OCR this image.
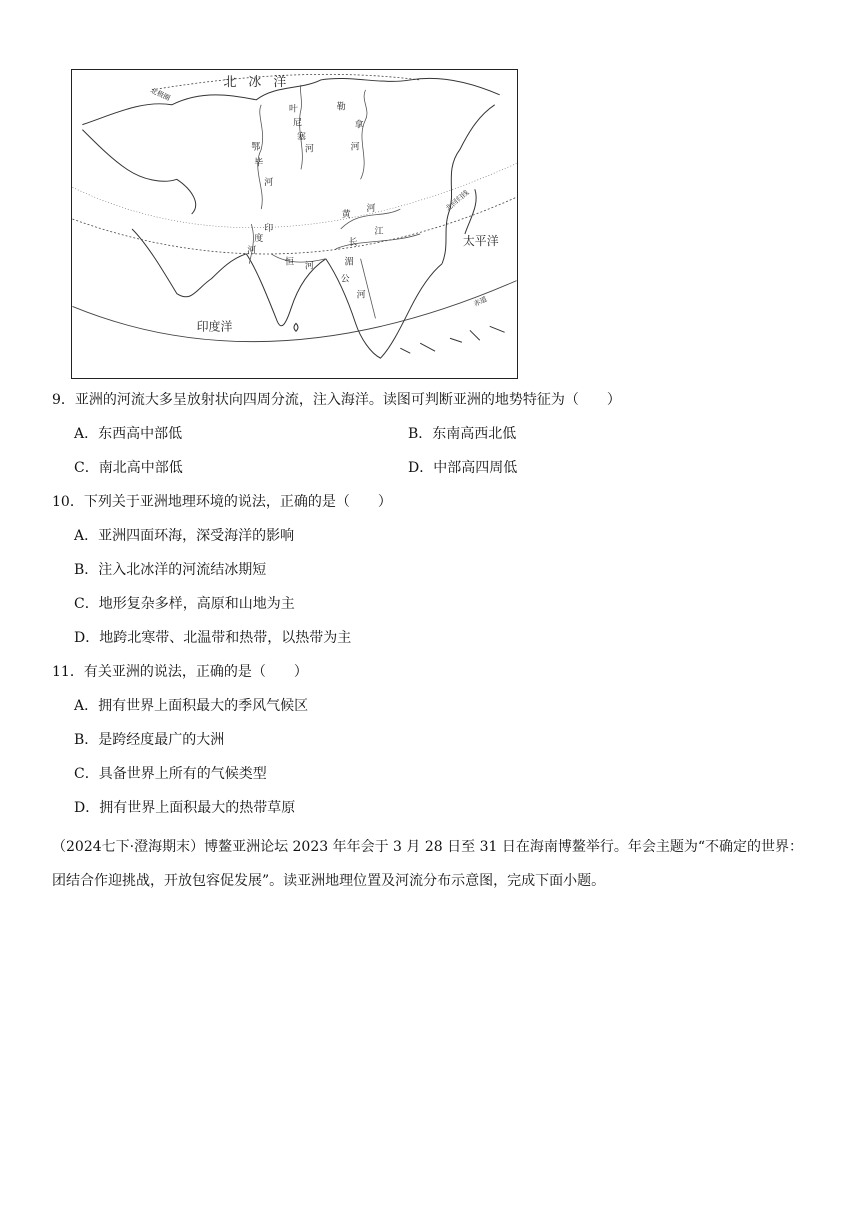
北 冰 洋
太平洋
印度洋
北极圈
北回归线
赤道
叶
尼
塞
河
勒
拿
河
鄂
毕
河
黄
河
长
江
印
度
河
恒 河	湄
公
河
9．亚洲的河流大多呈放射状向四周分流，注入海洋。读图可判断亚洲的地势特征为（　　）
A．东西高中部低	B．东南高西北低
C．南北高中部低	D．中部高四周低
10．下列关于亚洲地理环境的说法，正确的是（　　）
A．亚洲四面环海，深受海洋的影响
B．注入北冰洋的河流结冰期短
C．地形复杂多样，高原和山地为主
D．地跨北寒带、北温带和热带，以热带为主
11．有关亚洲的说法，正确的是（　　）
A．拥有世界上面积最大的季风气候区
B．是跨经度最广的大洲
C．具备世界上所有的气候类型
D．拥有世界上面积最大的热带草原
（2024七下·澄海期末）博鳌亚洲论坛 2023 年年会于 3 月 28 日至 31 日在海南博鳌举行。年会主题为“不确定的世界：团结合作迎挑战，开放包容促发展”。读亚洲地理位置及河流分布示意图，完成下面小题。
